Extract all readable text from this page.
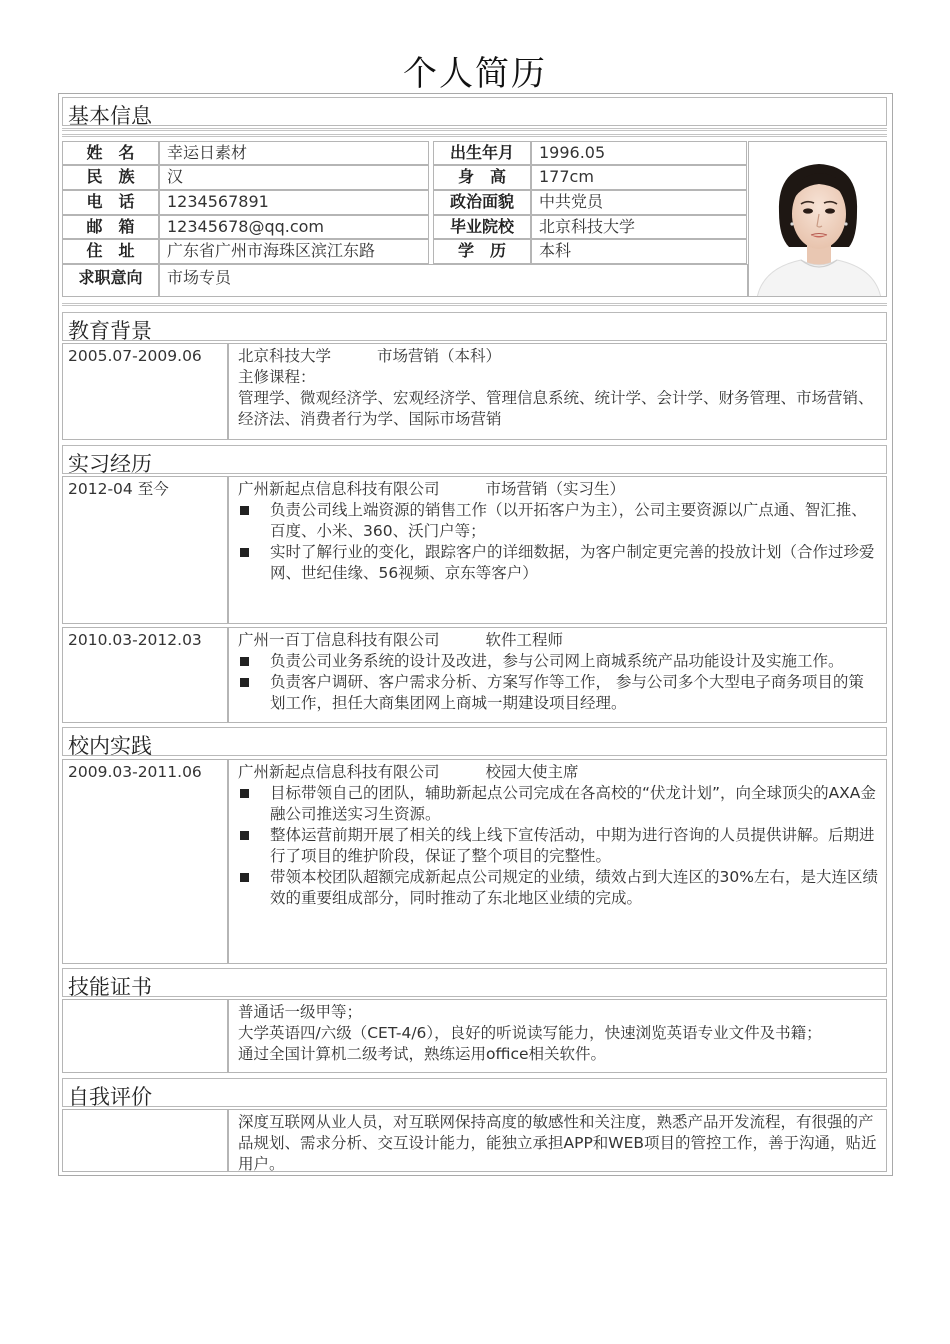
个人简历
基本信息
姓　名	幸运日素材
民　族	汉
电　话	1234567891
邮　箱	12345678@qq.com
住　址	广东省广州市海珠区滨江东路
求职意向	市场专员
出生年月	1996.05
身　高	177cm
政治面貌	中共党员
毕业院校	北京科技大学
学　历	本科
教育背景
2005.07-2009.06	北京科技大学	市场营销（本科）
主修课程：
管理学、微观经济学、宏观经济学、管理信息系统、统计学、会计学、财务管理、市场营销、经济法、消费者行为学、国际市场营销
实习经历
2012-04 至今	广州新起点信息科技有限公司	市场营销（实习生）
负责公司线上端资源的销售工作（以开拓客户为主），公司主要资源以广点通、智汇推、百度、小米、360、沃门户等；
实时了解行业的变化，跟踪客户的详细数据，为客户制定更完善的投放计划（合作过珍爱网、世纪佳缘、56视频、京东等客户）
2010.03-2012.03	广州一百丁信息科技有限公司	软件工程师
负责公司业务系统的设计及改进，参与公司网上商城系统产品功能设计及实施工作。
负责客户调研、客户需求分析、方案写作等工作， 参与公司多个大型电子商务项目的策划工作，担任大商集团网上商城一期建设项目经理。
校内实践
2009.03-2011.06	广州新起点信息科技有限公司	校园大使主席
目标带领自己的团队，辅助新起点公司完成在各高校的“伏龙计划”，向全球顶尖的AXA金融公司推送实习生资源。
整体运营前期开展了相关的线上线下宣传活动，中期为进行咨询的人员提供讲解。后期进行了项目的维护阶段，保证了整个项目的完整性。
带领本校团队超额完成新起点公司规定的业绩，绩效占到大连区的30%左右，是大连区绩效的重要组成部分，同时推动了东北地区业绩的完成。
技能证书
普通话一级甲等；
大学英语四/六级（CET-4/6），良好的听说读写能力，快速浏览英语专业文件及书籍；
通过全国计算机二级考试，熟练运用office相关软件。
自我评价
深度互联网从业人员，对互联网保持高度的敏感性和关注度，熟悉产品开发流程，有很强的产品规划、需求分析、交互设计能力，能独立承担APP和WEB项目的管控工作，善于沟通，贴近用户。
